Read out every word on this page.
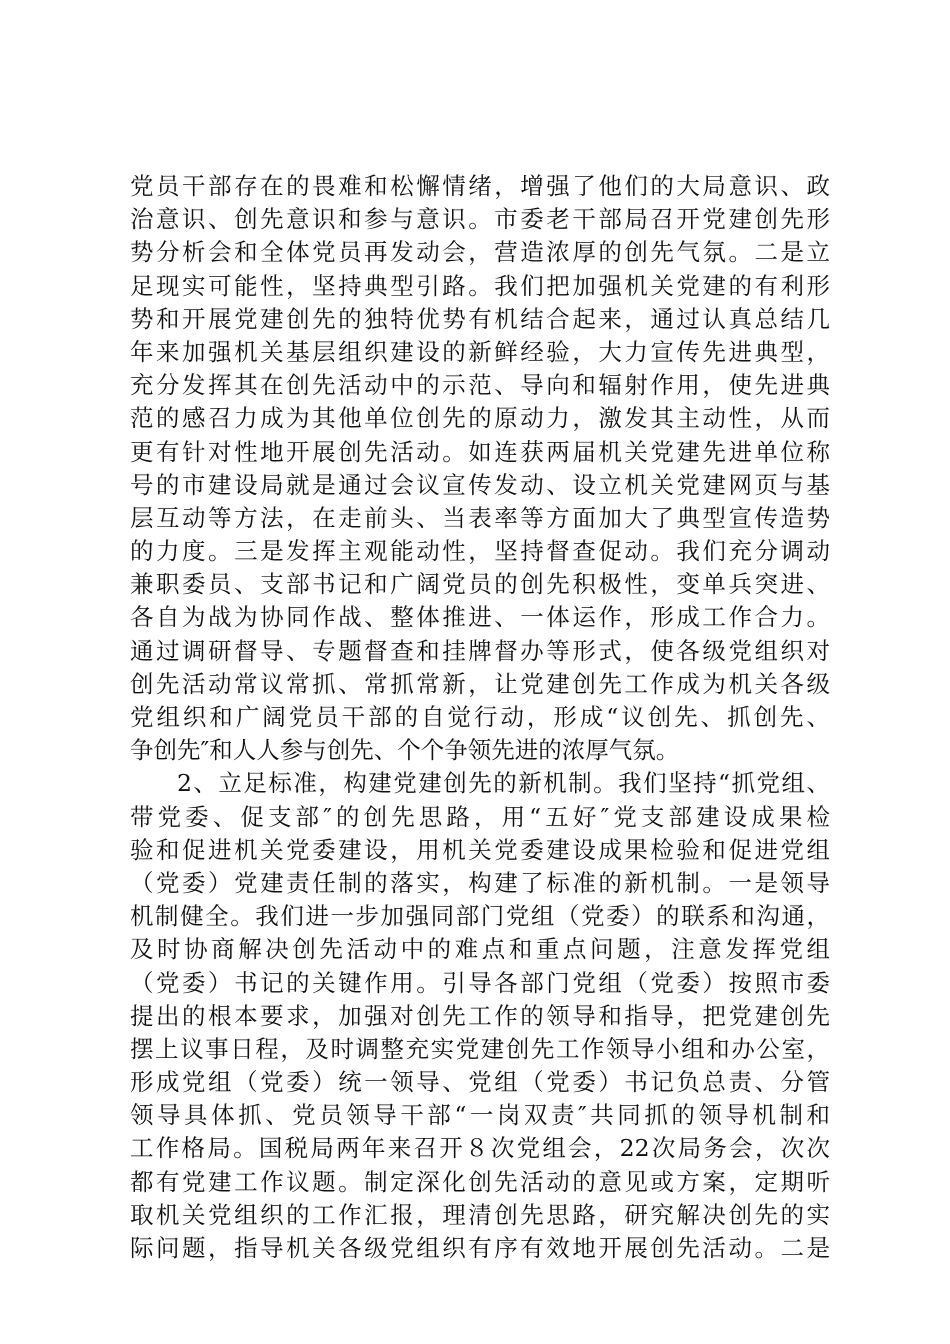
党员干部存在的畏难和松懈情绪，增强了他们的大局意识、政
治意识、创先意识和参与意识。市委老干部局召开党建创先形
势分析会和全体党员再发动会，营造浓厚的创先气氛。二是立
足现实可能性，坚持典型引路。我们把加强机关党建的有利形
势和开展党建创先的独特优势有机结合起来，通过认真总结几
年来加强机关基层组织建设的新鲜经验，大力宣传先进典型，
充分发挥其在创先活动中的示范、导向和辐射作用，使先进典
范的感召力成为其他单位创先的原动力，激发其主动性，从而
更有针对性地开展创先活动。如连获两届机关党建先进单位称
号的市建设局就是通过会议宣传发动、设立机关党建网页与基
层互动等方法，在走前头、当表率等方面加大了典型宣传造势
的力度。三是发挥主观能动性，坚持督查促动。我们充分调动
兼职委员、支部书记和广阔党员的创先积极性，变单兵突进、
各自为战为协同作战、整体推进、一体运作，形成工作合力。
通过调研督导、专题督查和挂牌督办等形式，使各级党组织对
创先活动常议常抓、常抓常新，让党建创先工作成为机关各级
党组织和广阔党员干部的自觉行动，形成“议创先、抓创先、
争创先″和人人参与创先、个个争领先进的浓厚气氛。
2、立足标准，构建党建创先的新机制。我们坚持“抓党组、
带党委、促支部″的创先思路，用“五好″党支部建设成果检
验和促进机关党委建设，用机关党委建设成果检验和促进党组
（党委）党建责任制的落实，构建了标准的新机制。一是领导
机制健全。我们进一步加强同部门党组（党委）的联系和沟通，
及时协商解决创先活动中的难点和重点问题，注意发挥党组
（党委）书记的关键作用。引导各部门党组（党委）按照市委
提出的根本要求，加强对创先工作的领导和指导，把党建创先
摆上议事日程，及时调整充实党建创先工作领导小组和办公室，
形成党组（党委）统一领导、党组（党委）书记负总责、分管
领导具体抓、党员领导干部“一岗双责″共同抓的领导机制和
工作格局。国税局两年来召开８次党组会，22次局务会，次次
都有党建工作议题。制定深化创先活动的意见或方案，定期听
取机关党组织的工作汇报，理清创先思路，研究解决创先的实
际问题，指导机关各级党组织有序有效地开展创先活动。二是
